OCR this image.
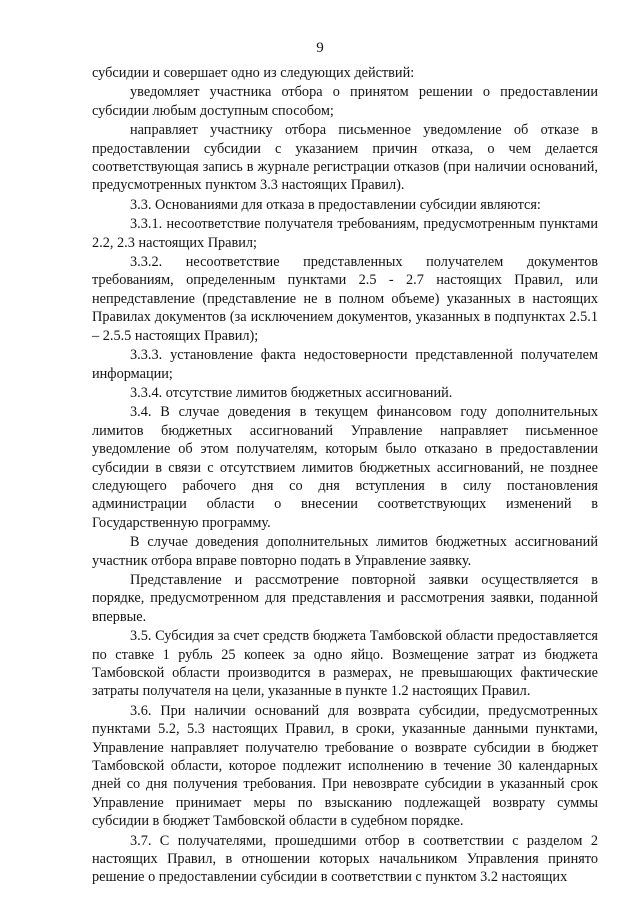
9

субсидии и совершает одно из следующих действий:

уведомляет участника отбора о принятом решении о предоставлении субсидии любым доступным способом;

направляет участнику отбора письменное уведомление об отказе в предоставлении субсидии с указанием причин отказа, о чем делается соответствующая запись в журнале регистрации отказов (при наличии оснований, предусмотренных пунктом 3.3 настоящих Правил).

3.3. Основаниями для отказа в предоставлении субсидии являются:

3.3.1. несоответствие получателя требованиям, предусмотренным пунктами 2.2, 2.3 настоящих Правил;

3.3.2. несоответствие представленных получателем документов требованиям, определенным пунктами 2.5 - 2.7 настоящих Правил, или непредставление (представление не в полном объеме) указанных в настоящих Правилах документов (за исключением документов, указанных в подпунктах 2.5.1 – 2.5.5 настоящих Правил);

3.3.3. установление факта недостоверности представленной получателем информации;

3.3.4. отсутствие лимитов бюджетных ассигнований.

3.4. В случае доведения в текущем финансовом году дополнительных лимитов бюджетных ассигнований Управление направляет письменное уведомление об этом получателям, которым было отказано в предоставлении субсидии в связи с отсутствием лимитов бюджетных ассигнований, не позднее следующего рабочего дня со дня вступления в силу постановления администрации области о внесении соответствующих изменений в Государственную программу.

В случае доведения дополнительных лимитов бюджетных ассигнований участник отбора вправе повторно подать в Управление заявку.

Представление и рассмотрение повторной заявки осуществляется в порядке, предусмотренном для представления и рассмотрения заявки, поданной впервые.

3.5. Субсидия за счет средств бюджета Тамбовской области предоставляется по ставке 1 рубль 25 копеек за одно яйцо. Возмещение затрат из бюджета Тамбовской области производится в размерах, не превышающих фактические затраты получателя на цели, указанные в пункте 1.2 настоящих Правил.

3.6. При наличии оснований для возврата субсидии, предусмотренных пунктами 5.2, 5.3 настоящих Правил, в сроки, указанные данными пунктами, Управление направляет получателю требование о возврате субсидии в бюджет Тамбовской области, которое подлежит исполнению в течение 30 календарных дней со дня получения требования. При невозврате субсидии в указанный срок Управление принимает меры по взысканию подлежащей возврату суммы субсидии в бюджет Тамбовской области в судебном порядке.

3.7. С получателями, прошедшими отбор в соответствии с разделом 2 настоящих Правил, в отношении которых начальником Управления принято решение о предоставлении субсидии в соответствии с пунктом 3.2 настоящих
